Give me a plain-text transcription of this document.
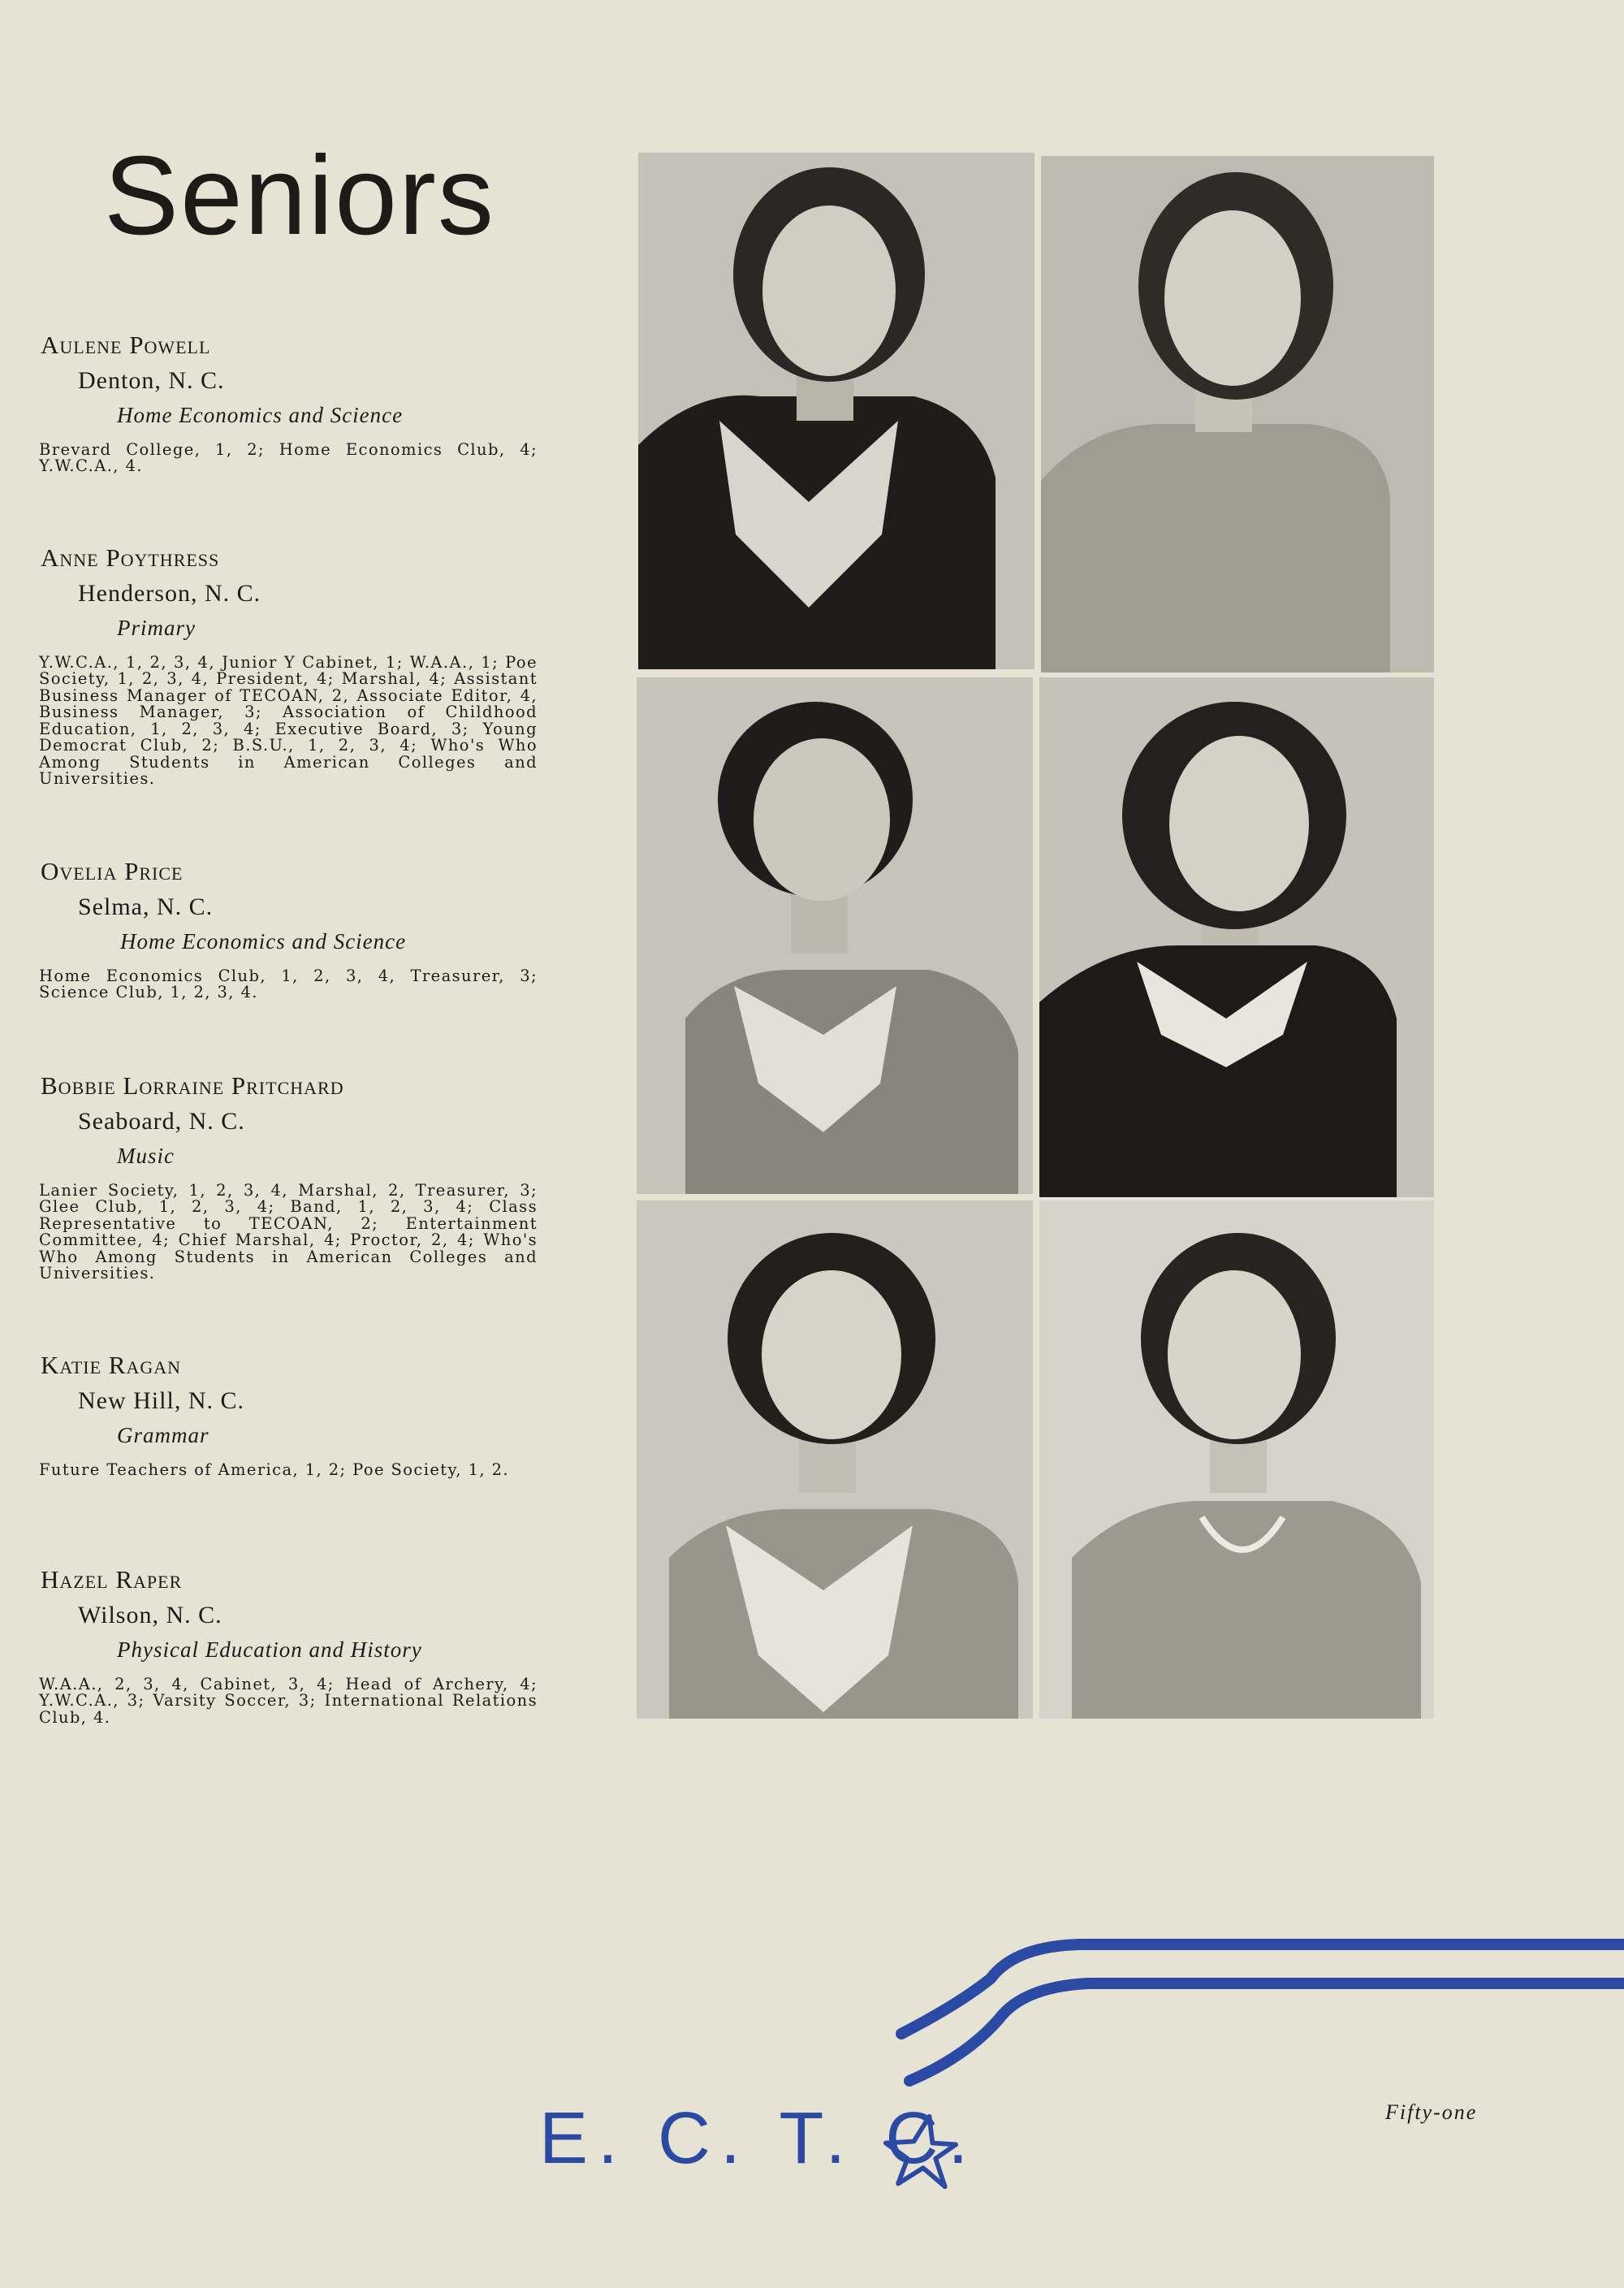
Seniors
Aulene Powell
Denton, N. C.
Home Economics and Science
Brevard College, 1, 2; Home Economics Club, 4; Y.W.C.A., 4.
Anne Poythress
Henderson, N. C.
Primary
Y.W.C.A., 1, 2, 3, 4, Junior Y Cabinet, 1; W.A.A., 1; Poe Society, 1, 2, 3, 4, President, 4; Marshal, 4; Assistant Business Manager of TECOAN, 2, Associate Editor, 4, Business Manager, 3; Association of Childhood Education, 1, 2, 3, 4; Executive Board, 3; Young Democrat Club, 2; B.S.U., 1, 2, 3, 4; Who's Who Among Students in American Colleges and Universities.
Ovelia Price
Selma, N. C.
Home Economics and Science
Home Economics Club, 1, 2, 3, 4, Treasurer, 3; Science Club, 1, 2, 3, 4.
Bobbie Lorraine Pritchard
Seaboard, N. C.
Music
Lanier Society, 1, 2, 3, 4, Marshal, 2, Treasurer, 3; Glee Club, 1, 2, 3, 4; Band, 1, 2, 3, 4; Class Representative to TECOAN, 2; Entertainment Committee, 4; Chief Marshal, 4; Proctor, 2, 4; Who's Who Among Students in American Colleges and Universities.
Katie Ragan
New Hill, N. C.
Grammar
Future Teachers of America, 1, 2; Poe Society, 1, 2.
Hazel Raper
Wilson, N. C.
Physical Education and History
W.A.A., 2, 3, 4, Cabinet, 3, 4; Head of Archery, 4; Y.W.C.A., 3; Varsity Soccer, 3; International Relations Club, 4.
E. C. T. C.	Fifty-one
